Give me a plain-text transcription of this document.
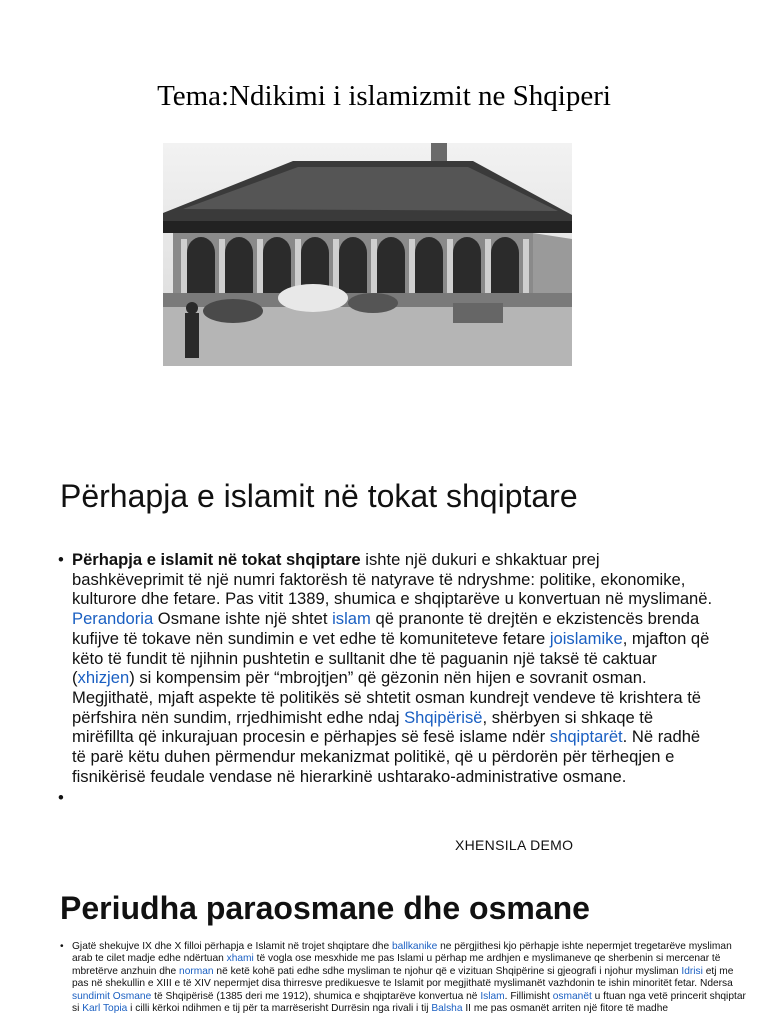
Tema:Ndikimi i islamizmit ne Shqiperi
Përhapja e islamit në tokat shqiptare
• Përhapja e islamit në tokat shqiptare ishte një dukuri e shkaktuar prej bashkëveprimit të një numri faktorësh të natyrave të ndryshme: politike, ekonomike, kulturore dhe fetare. Pas vitit 1389, shumica e shqiptarëve u konvertuan në myslimanë. Perandoria Osmane ishte një shtet islam që pranonte të drejtën e ekzistencës brenda kufijve të tokave nën sundimin e vet edhe të komuniteteve fetare joislamike, mjafton që këto të fundit të njihnin pushtetin e sulltanit dhe të paguanin një taksë të caktuar (xhizjen) si kompensim për “mbrojtjen” që gëzonin nën hijen e sovranit osman. Megjithatë, mjaft aspekte të politikës së shtetit osman kundrejt vendeve të krishtera të përfshira nën sundim, rrjedhimisht edhe ndaj Shqipërisë, shërbyen si shkaqe të mirëfillta që inkurajuan procesin e përhapjes së fesë islame ndër shqiptarët. Në radhë të parë këtu duhen përmendur mekanizmat politikë, që u përdorën për tërheqjen e fisnikërisë feudale vendase në hierarkinë ushtarako-administrative osmane.
•
XHENSILA DEMO
Periudha paraosmane dhe osmane

• Gjatë shekujve IX dhe X filloi përhapja e Islamit në trojet shqiptare dhe ballkanike ne përgjithesi kjo përhapje ishte nepermjet tregetarëve mysliman arab te cilet madje edhe ndërtuan xhami të vogla ose mesxhide me pas Islami u përhap me ardhjen e myslimaneve qe sherbenin si mercenar të mbretërve anzhuin dhe norman në ketë kohë pati edhe sdhe mysliman te njohur që e vizituan Shqipërine si gjeografi i njohur mysliman Idrisi etj me pas në shekullin e XIII e të XIV nepermjet disa thirresve predikuesve te Islamit por megjithatë myslimanët vazhdonin te ishin minoritët fetar. Ndersa sundimit Osmane të Shqipërisë (1385 deri me 1912), shumica e shqiptarëve konvertua në Islam. Fillimisht osmanët u ftuan nga vetë princerit shqiptar si Karl Topia i cilli kërkoi ndihmen e tij për ta marrëserisht Durrësin nga rivali i tij Balsha II me pas osmanët arriten një fitore të madhe
